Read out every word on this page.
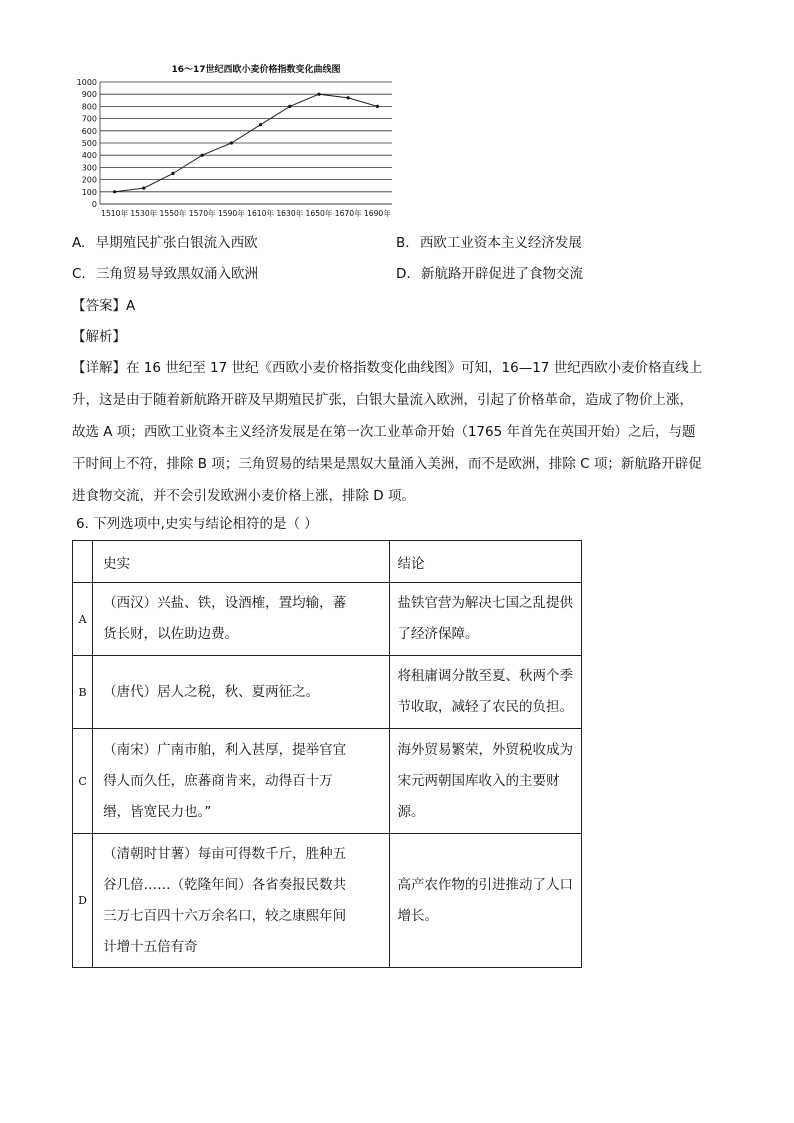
16～17世纪西欧小麦价格指数变化曲线图
0
100
200
300
400
500
600
700
800
900
1000
1510年 1530年 1550年 1570年 1590年 1610年 1630年 1650年 1670年 1690年
A. 早期殖民扩张白银流入西欧	B. 西欧工业资本主义经济发展
C. 三角贸易导致黑奴涌入欧洲	D. 新航路开辟促进了食物交流
【答案】A
【解析】

【详解】在 16 世纪至 17 世纪《西欧小麦价格指数变化曲线图》可知，16—17 世纪西欧小麦价格直线上

升，这是由于随着新航路开辟及早期殖民扩张，白银大量流入欧洲，引起了价格革命，造成了物价上涨，

故选 A 项；西欧工业资本主义经济发展是在第一次工业革命开始（1765 年首先在英国开始）之后，与题

干时间上不符，排除 B 项；三角贸易的结果是黑奴大量涌入美洲，而不是欧洲，排除 C 项；新航路开辟促

进食物交流，并不会引发欧洲小麦价格上涨，排除 D 项。

6. 下列选项中,史实与结论相符的是（ ）
	史实	结论
A	（西汉）兴盐、铁，设酒榷，置均输，蕃
货长财，以佐助边费。	盐铁官营为解决七国之乱提供
了经济保障。

B	（唐代）居人之税，秋、夏两征之。	将租庸调分散至夏、秋两个季
节收取，减轻了农民的负担。

C	（南宋）广南市舶，利入甚厚，提举官宜
得人而久任，庶蕃商肯来，动得百十万
缗，皆宽民力也。”	海外贸易繁荣，外贸税收成为
宋元两朝国库收入的主要财
源。

D	（清朝时甘薯）每亩可得数千斤，胜种五
谷几倍……（乾隆年间）各省奏报民数共
三万七百四十六万余名口，较之康熙年间
计增十五倍有奇	高产农作物的引进推动了人口
增长。
